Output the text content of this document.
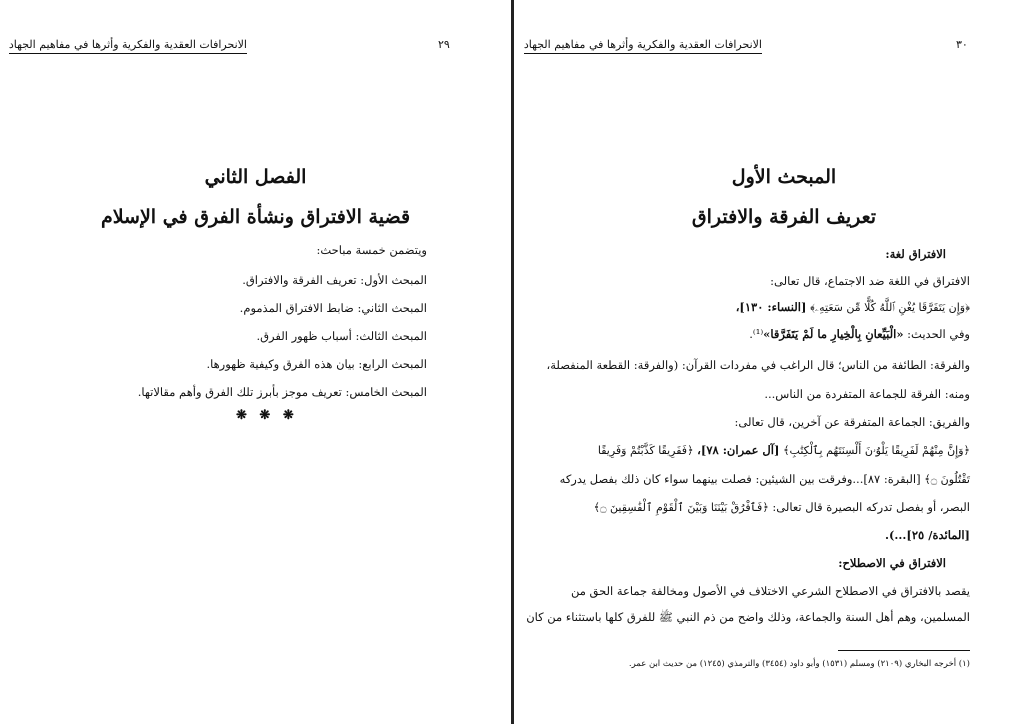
الانحرافات العقدية والفكرية وأثرها في مفاهيم الجهاد	٢٩
الفصل الثاني
قضية الافتراق ونشأة الفرق في الإسلام
ويتضمن خمسة مباحث:
المبحث الأول: تعريف الفرقة والافتراق.
المبحث الثاني: ضابط الافتراق المذموم.
المبحث الثالث: أسباب ظهور الفرق.
المبحث الرابع: بيان هذه الفرق وكيفية ظهورها.
المبحث الخامس: تعريف موجز بأبرز تلك الفرق وأهم مقالاتها.
❋ ❋ ❋
الانحرافات العقدية والفكرية وأثرها في مفاهيم الجهاد	٣٠
المبحث الأول
تعريف الفرقة والافتراق
الافتراق لغة:
الافتراق في اللغة ضد الاجتماع، قال تعالى:
﴿وَإِن يَتَفَرَّقَا يُغْنِ ٱللَّهُ كُلًّا مِّن سَعَتِهِۦ﴾ [النساء: ١٣٠]،
وفي الحديث: «الْبَيِّعانِ بِالْخِيارِ ما لَمْ يَتَفَرَّقا»⁽¹⁾.
والفرقة: الطائفة من الناس؛ قال الراغب في مفردات القرآن: (والفرقة: القطعة المنفصلة،
ومنه: الفرقة للجماعة المتفردة من الناس...
والفريق: الجماعة المتفرقة عن آخرين، قال تعالى:
﴿وَإِنَّ مِنْهُمْ لَفَرِيقًا يَلْوُۥنَ أَلْسِنَتَهُم بِٱلْكِتَٰبِ﴾ [آل عمران: ٧٨]، ﴿فَفَرِيقًا كَذَّبْتُمْ وَفَرِيقًا
تَقْتُلُونَ ۝﴾ [البقرة: ٨٧]...وفرقت بين الشيئين: فصلت بينهما سواء كان ذلك بفصل يدركه
البصر، أو بفصل تدركه البصيرة قال تعالى: ﴿فَٱفْرُقْ بَيْنَنَا وَبَيْنَ ٱلْقَوْمِ ٱلْفَٰسِقِينَ ۝﴾
[المائدة/ ٢٥]...).
الافتراق في الاصطلاح:
يقصد بالافتراق في الاصطلاح الشرعي الاختلاف في الأصول ومخالفة جماعة الحق من
المسلمين، وهم أهل السنة والجماعة، وذلك واضح من ذم النبي ﷺ للفرق كلها باستثناء من كان
(١) أخرجه البخاري (٢١٠٩) ومسلم (١٥٣١) وأبو داود (٣٤٥٤) والترمذي (١٢٤٥) من حديث ابن عمر.
